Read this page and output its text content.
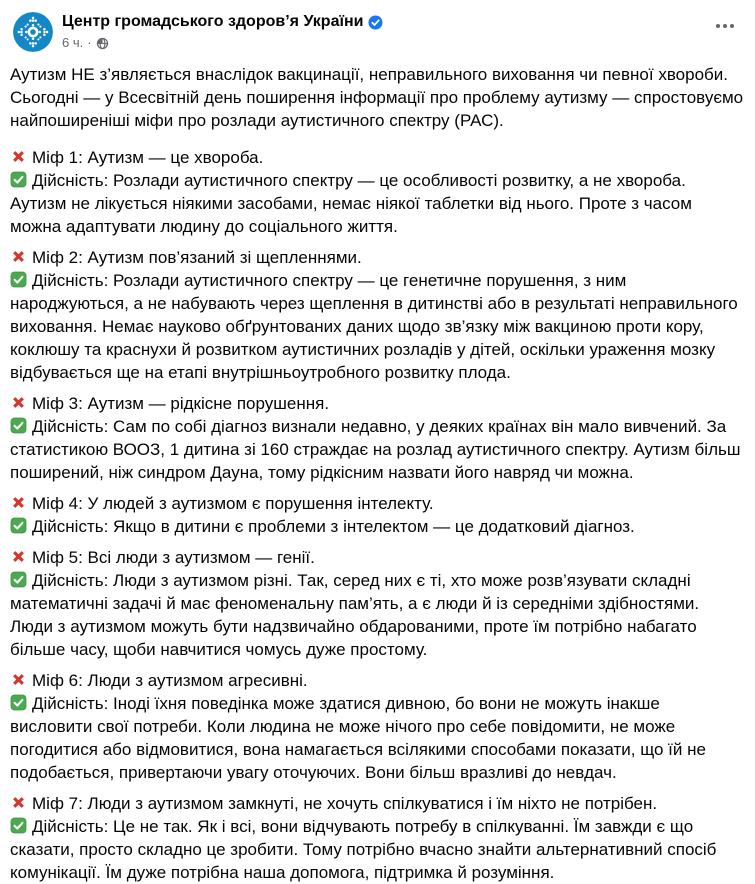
Центр громадського здоров’я України
6 ч. ·

Аутизм НЕ з’являється внаслідок вакцинації, неправильного виховання чи певної хвороби. Сьогодні — у Всесвітній день поширення інформації про проблему аутизму — спростовуємо найпоширеніші міфи про розлади аутистичного спектру (РАС).

Міф 1: Аутизм — це хвороба.

Дійсність: Розлади аутистичного спектру — це особливості розвитку, а не хвороба. Аутизм не лікується ніякими засобами, немає ніякої таблетки від нього. Проте з часом можна адаптувати людину до соціального життя.

Міф 2: Аутизм пов’язаний зі щепленнями.

Дійсність: Розлади аутистичного спектру — це генетичне порушення, з ним народжуються, а не набувають через щеплення в дитинстві або в результаті неправильного виховання. Немає науково обґрунтованих даних щодо зв’язку між вакциною проти кору, коклюшу та краснухи й розвитком аутистичних розладів у дітей, оскільки ураження мозку відбувається ще на етапі внутрішньоутробного розвитку плода.

Міф 3: Аутизм — рідкісне порушення.

Дійсність: Сам по собі діагноз визнали недавно, у деяких країнах він мало вивчений. За статистикою ВООЗ, 1 дитина зі 160 страждає на розлад аутистичного спектру. Аутизм більш поширений, ніж синдром Дауна, тому рідкісним назвати його навряд чи можна.

Міф 4: У людей з аутизмом є порушення інтелекту.

Дійсність: Якщо в дитини є проблеми з інтелектом — це додатковий діагноз.

Міф 5: Всі люди з аутизмом — генії.

Дійсність: Люди з аутизмом різні. Так, серед них є ті, хто може розв’язувати складні математичні задачі й має феноменальну пам’ять, а є люди й із середніми здібностями. Люди з аутизмом можуть бути надзвичайно обдарованими, проте їм потрібно набагато більше часу, щоби навчитися чомусь дуже простому.

Міф 6: Люди з аутизмом агресивні.

Дійсність: Іноді їхня поведінка може здатися дивною, бо вони не можуть інакше висловити свої потреби. Коли людина не може нічого про себе повідомити, не може погодитися або відмовитися, вона намагається всілякими способами показати, що їй не подобається, привертаючи увагу оточуючих. Вони більш вразливі до невдач.

Міф 7: Люди з аутизмом замкнуті, не хочуть спілкуватися і їм ніхто не потрібен.

Дійсність: Це не так. Як і всі, вони відчувають потребу в спілкуванні. Їм завжди є що сказати, просто складно це зробити. Тому потрібно вчасно знайти альтернативний спосіб комунікації. Їм дуже потрібна наша допомога, підтримка й розуміння.
